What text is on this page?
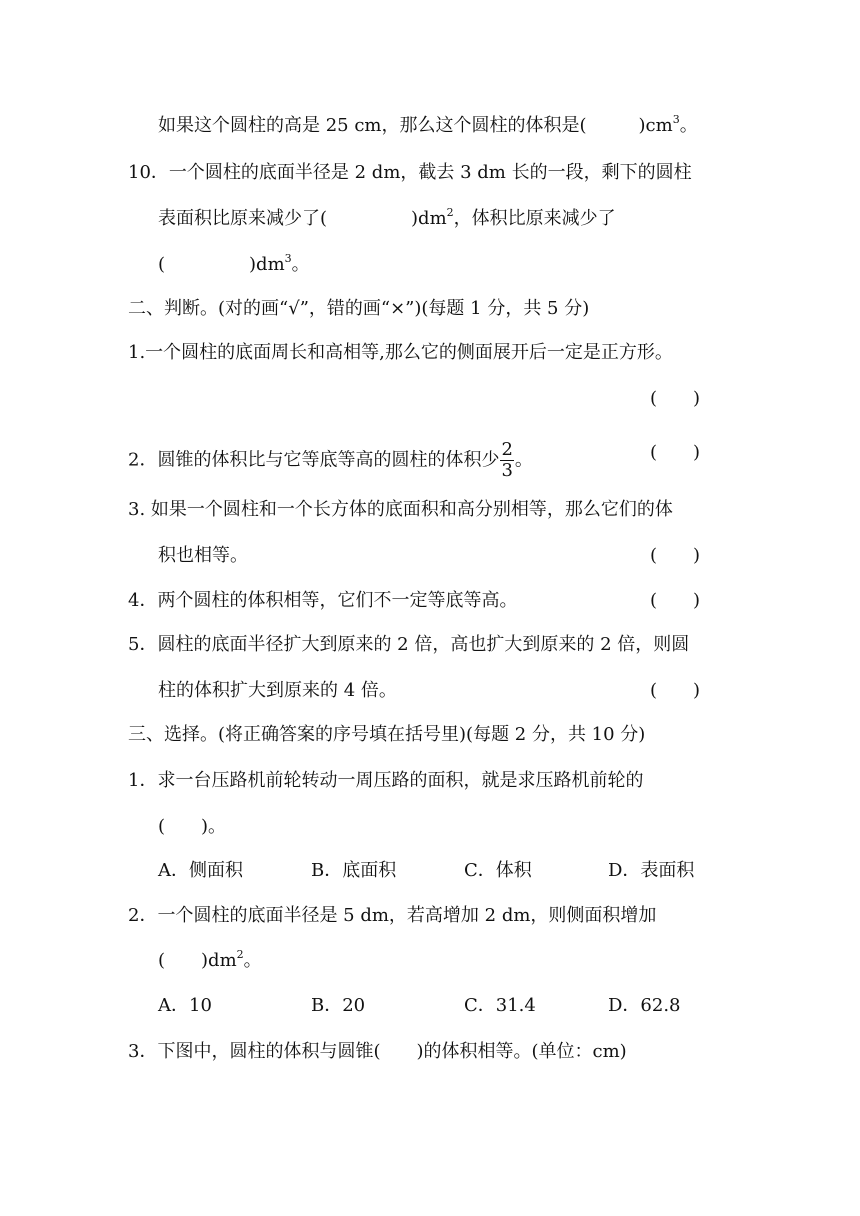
如果这个圆柱的高是 25 cm，那么这个圆柱的体积是(	)$cm^3$。
10．一个圆柱的底面半径是 2 dm，截去 3 dm 长的一段，剩下的圆柱
表面积比原来减少了(	)$dm^2$，体积比原来减少了
(	)$dm^3$。
二、判断。(对的画“√”，错的画“×”)(每题 1 分，共 5 分)
1.一个圆柱的底面周长和高相等,那么它的侧面展开后一定是正方形。
(　　)
2．圆锥的体积比与它等底等高的圆柱的体积少 $\frac{2}{3}$ 。	(　　)
3. 如果一个圆柱和一个长方体的底面积和高分别相等，那么它们的体
积也相等。	(　　)
4．两个圆柱的体积相等，它们不一定等底等高。	(　　)
5．圆柱的底面半径扩大到原来的 2 倍，高也扩大到原来的 2 倍，则圆
柱的体积扩大到原来的 4 倍。	(　　)
三、选择。(将正确答案的序号填在括号里)(每题 2 分，共 10 分)
1．求一台压路机前轮转动一周压路的面积，就是求压路机前轮的
(　　)。
A．侧面积	B．底面积	C．体积	D．表面积
2．一个圆柱的底面半径是 5 dm，若高增加 2 dm，则侧面积增加
(　　)$dm^2$。
A．10	B．20	C．31.4	D．62.8
3．下图中，圆柱的体积与圆锥(　　)的体积相等。(单位：cm)
